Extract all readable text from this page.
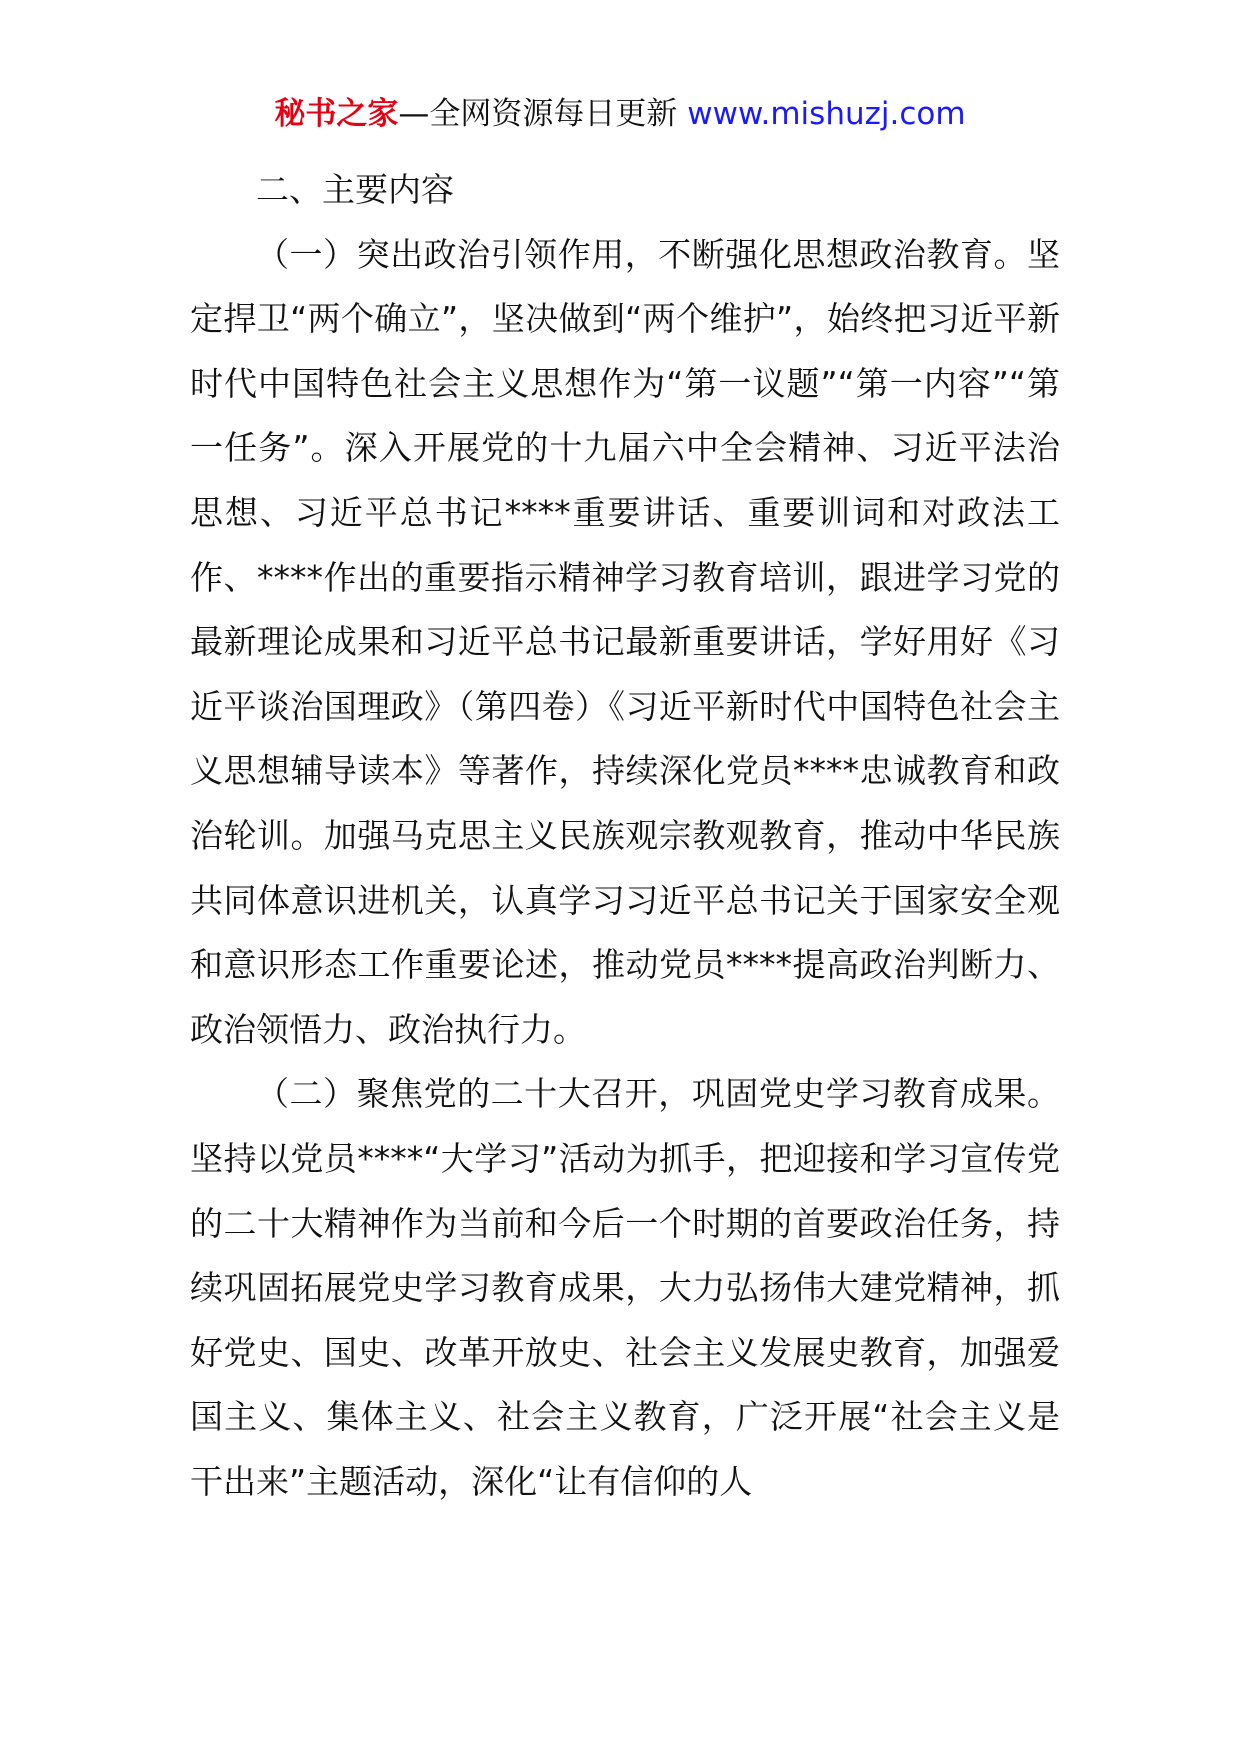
秘书之家—全网资源每日更新 www.mishuzj.com

二、主要内容

（一）突出政治引领作用，不断强化思想政治教育。坚定捍卫“两个确立”，坚决做到“两个维护”，始终把习近平新时代中国特色社会主义思想作为“第一议题”“第一内容”“第一任务”。深入开展党的十九届六中全会精神、习近平法治思想、习近平总书记****重要讲话、重要训词和对政法工作、****作出的重要指示精神学习教育培训，跟进学习党的最新理论成果和习近平总书记最新重要讲话，学好用好《习近平谈治国理政》（第四卷）《习近平新时代中国特色社会主义思想辅导读本》等著作，持续深化党员****忠诚教育和政治轮训。加强马克思主义民族观宗教观教育，推动中华民族共同体意识进机关，认真学习习近平总书记关于国家安全观和意识形态工作重要论述，推动党员****提高政治判断力、政治领悟力、政治执行力。

（二）聚焦党的二十大召开，巩固党史学习教育成果。坚持以党员****“大学习”活动为抓手，把迎接和学习宣传党的二十大精神作为当前和今后一个时期的首要政治任务，持续巩固拓展党史学习教育成果，大力弘扬伟大建党精神，抓好党史、国史、改革开放史、社会主义发展史教育，加强爱国主义、集体主义、社会主义教育，广泛开展“社会主义是干出来”主题活动，深化“让有信仰的人
